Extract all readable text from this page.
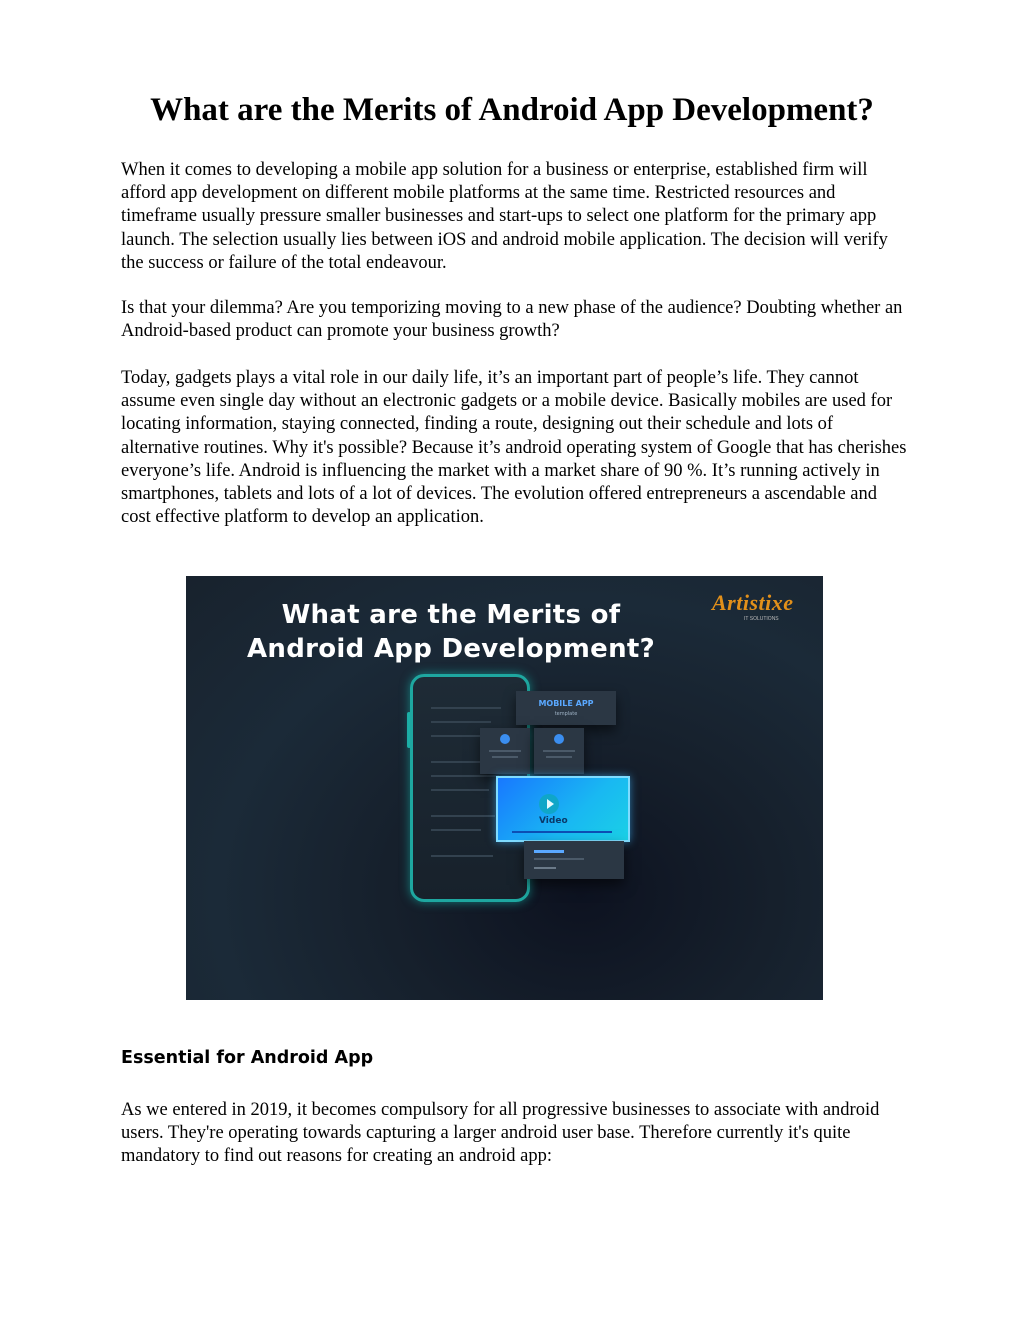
What are the Merits of Android App Development?

When it comes to developing a mobile app solution for a business or enterprise, established firm will afford app development on different mobile platforms at the same time. Restricted resources and timeframe usually pressure smaller businesses and start-ups to select one platform for the primary app launch. The selection usually lies between iOS and android mobile application. The decision will verify the success or failure of the total endeavour.

Is that your dilemma? Are you temporizing moving to a new phase of the audience? Doubting whether an Android-based product can promote your business growth?

Today, gadgets plays a vital role in our daily life, it’s an important part of people’s life. They cannot assume even single day without an electronic gadgets or a mobile device. Basically mobiles are used for locating information, staying connected, finding a route, designing out their schedule and lots of alternative routines. Why it's possible? Because it’s android operating system of Google that has cherishes everyone’s life. Android is influencing the market with a market share of 90 %. It’s running actively in smartphones, tablets and lots of a lot of devices. The evolution offered entrepreneurs a ascendable and cost effective platform to develop an application.

What are the Merits of
Android App Development?
Artistixe
IT SOLUTIONS
MOBILE APP
template
Video
Essential for Android App

As we entered in 2019, it becomes compulsory for all progressive businesses to associate with android users. They're operating towards capturing a larger android user base. Therefore currently it's quite mandatory to find out reasons for creating an android app:
